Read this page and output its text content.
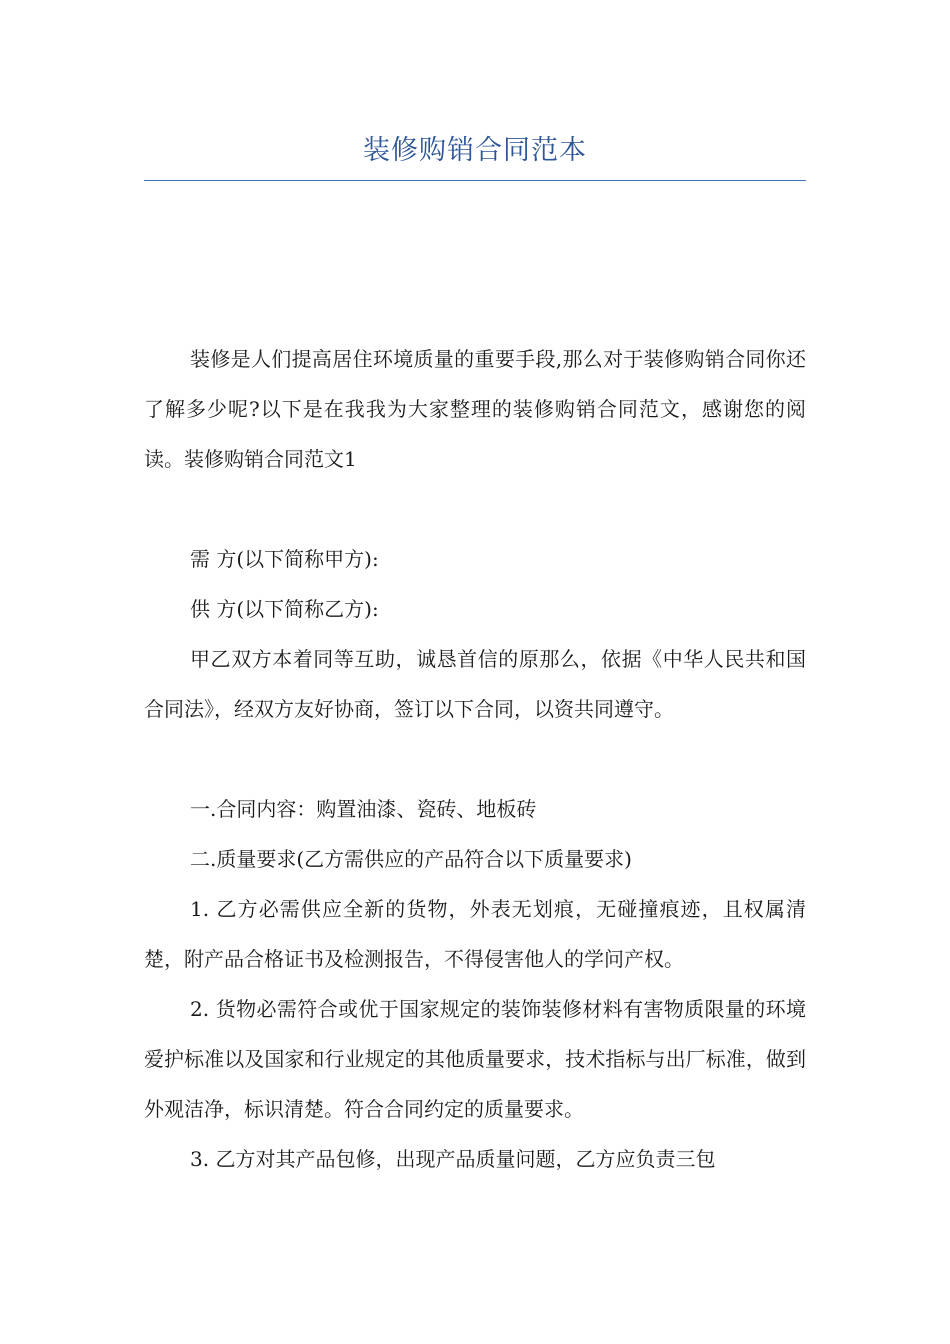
装修购销合同范本

装修是人们提高居住环境质量的重要手段,那么对于装修购销合同你还了解多少呢?以下是在我我为大家整理的装修购销合同范文，感谢您的阅读。装修购销合同范文1

需 方(以下简称甲方):

供 方(以下简称乙方):

甲乙双方本着同等互助，诚恳首信的原那么，依据《中华人民共和国合同法》，经双方友好协商，签订以下合同，以资共同遵守。

一.合同内容：购置油漆、瓷砖、地板砖

二.质量要求(乙方需供应的产品符合以下质量要求)

1. 乙方必需供应全新的货物，外表无划痕，无碰撞痕迹，且权属清楚，附产品合格证书及检测报告，不得侵害他人的学问产权。

2. 货物必需符合或优于国家规定的装饰装修材料有害物质限量的环境爱护标准以及国家和行业规定的其他质量要求，技术指标与出厂标准，做到外观洁净，标识清楚。符合合同约定的质量要求。

3. 乙方对其产品包修，出现产品质量问题，乙方应负责三包
